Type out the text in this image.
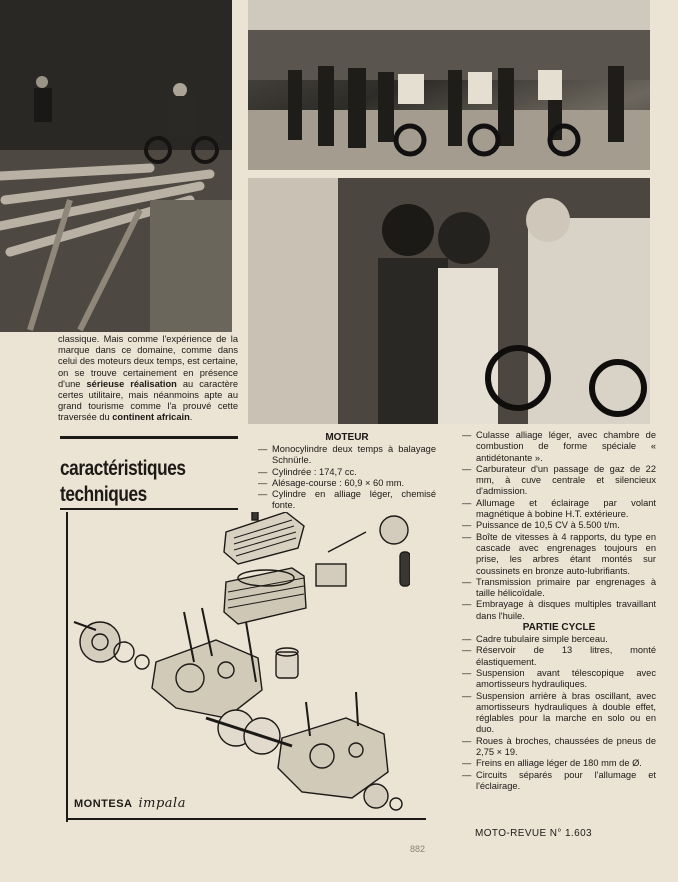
classique. Mais comme l'expérience de la marque dans ce domaine, comme dans celui des moteurs deux temps, est certaine, on se trouve certainement en présence d'une sérieuse réalisation au caractère certes utilitaire, mais néanmoins apte au grand tourisme comme l'a prouvé cette traversée du continent africain.

caractéristiques
techniques
MOTEUR
— Monocylindre deux temps à balayage Schnürle.
— Cylindrée : 174,7 cc.
— Alésage-course : 60,9 × 60 mm.
— Cylindre en alliage léger, chemisé fonte.
— Culasse alliage léger, avec chambre de combustion de forme spéciale « antidétonante ».
— Carburateur d'un passage de gaz de 22 mm, à cuve centrale et silencieux d'admission.
— Allumage et éclairage par volant magnétique à bobine H.T. extérieure.
— Puissance de 10,5 CV à 5.500 t/m.
— Boîte de vitesses à 4 rapports, du type en cascade avec engrenages toujours en prise, les arbres étant montés sur coussinets en bronze auto-lubrifiants.
— Transmission primaire par engrenages à taille hélicoïdale.
— Embrayage à disques multiples travaillant dans l'huile.
PARTIE CYCLE
— Cadre tubulaire simple berceau.
— Réservoir de 13 litres, monté élastiquement.
— Suspension avant télescopique avec amortisseurs hydrauliques.
— Suspension arrière à bras oscillant, avec amortisseurs hydrauliques à double effet, réglables pour la marche en solo ou en duo.
— Roues à broches, chaussées de pneus de 2,75 × 19.
— Freins en alliage léger de 180 mm de Ø.
— Circuits séparés pour l'allumage et l'éclairage.
MONTESA impala
MOTO-REVUE N° 1.603
882
